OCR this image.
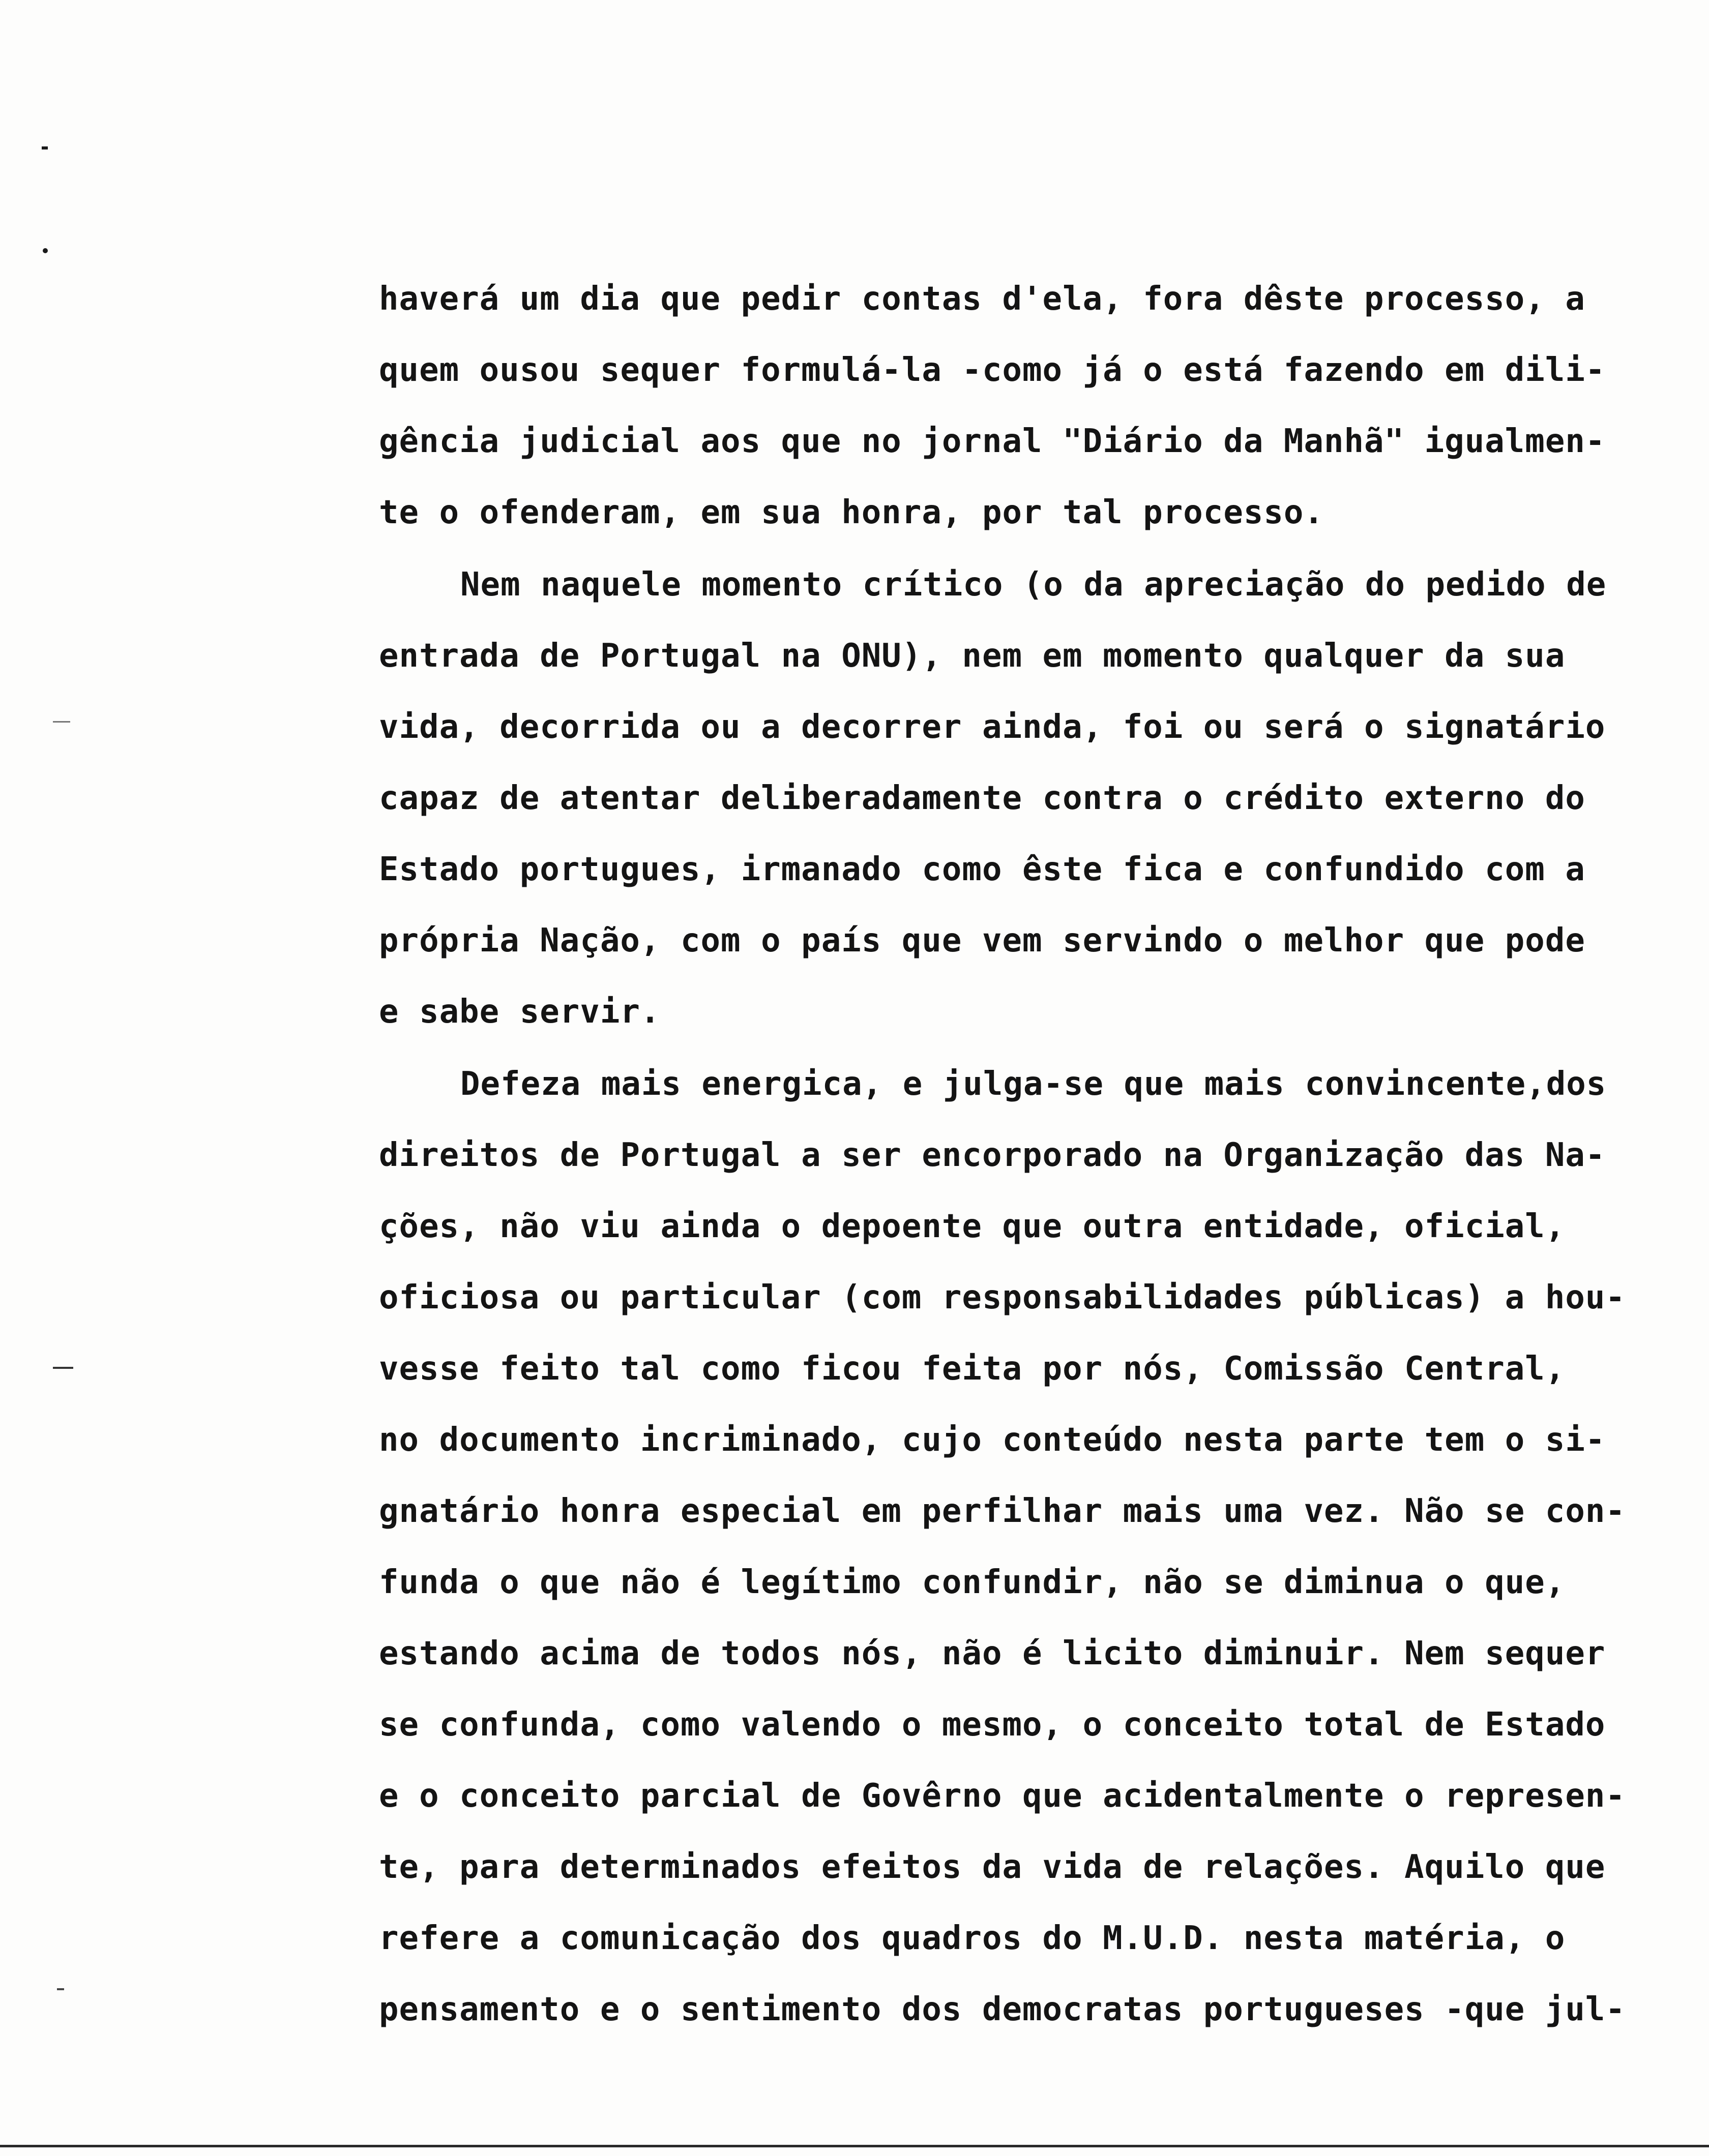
haverá um dia que pedir contas d'ela, fora dêste processo, a
quem ousou sequer formulá-la -como já o está fazendo em dili-
gência judicial aos que no jornal "Diário da Manhã" igualmen-
te o ofenderam, em sua honra, por tal processo.
Nem naquele momento crítico (o da apreciação do pedido de
entrada de Portugal na ONU), nem em momento qualquer da sua
vida, decorrida ou a decorrer ainda, foi ou será o signatário
capaz de atentar deliberadamente contra o crédito externo do
Estado portugues, irmanado como êste fica e confundido com a
própria Nação, com o país que vem servindo o melhor que pode
e sabe servir.
Defeza mais energica, e julga-se que mais convincente,dos
direitos de Portugal a ser encorporado na Organização das Na-
ções, não viu ainda o depoente que outra entidade, oficial,
oficiosa ou particular (com responsabilidades públicas) a hou-
vesse feito tal como ficou feita por nós, Comissão Central,
no documento incriminado, cujo conteúdo nesta parte tem o si-
gnatário honra especial em perfilhar mais uma vez. Não se con-
funda o que não é legítimo confundir, não se diminua o que,
estando acima de todos nós, não é licito diminuir. Nem sequer
se confunda, como valendo o mesmo, o conceito total de Estado
e o conceito parcial de Govêrno que acidentalmente o represen-
te, para determinados efeitos da vida de relações. Aquilo que
refere a comunicação dos quadros do M.U.D. nesta matéria, o
pensamento e o sentimento dos democratas portugueses -que jul-
